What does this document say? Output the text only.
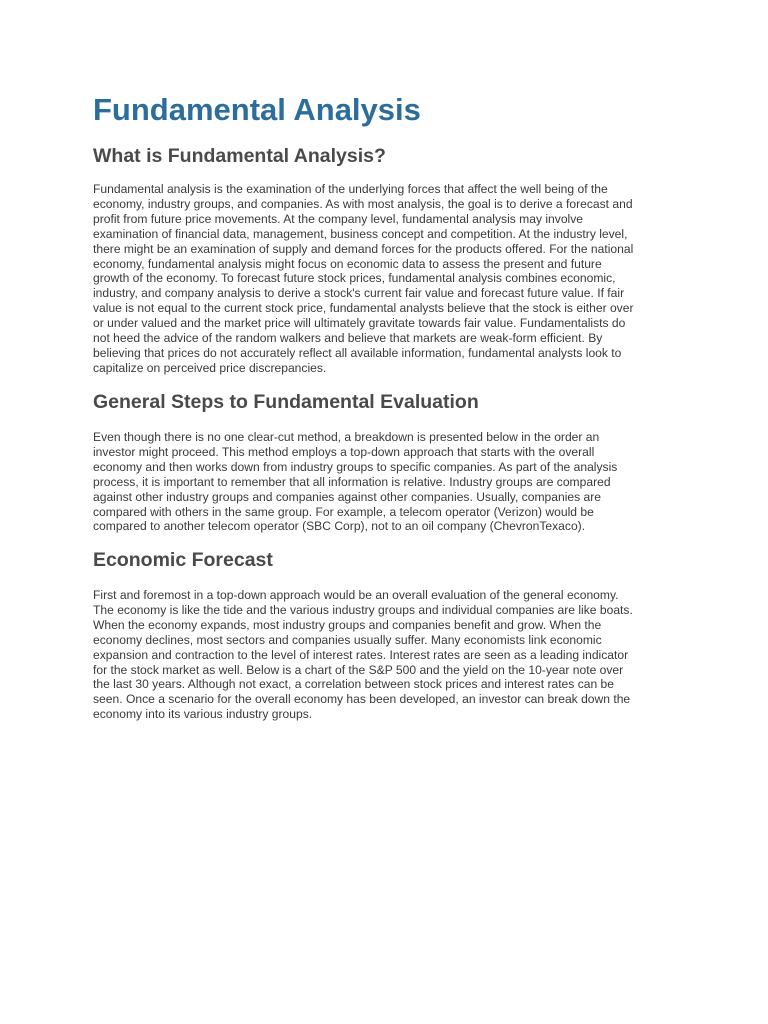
Fundamental Analysis
What is Fundamental Analysis?
Fundamental analysis is the examination of the underlying forces that affect the well being of the
economy, industry groups, and companies. As with most analysis, the goal is to derive a forecast and
profit from future price movements. At the company level, fundamental analysis may involve
examination of financial data, management, business concept and competition. At the industry level,
there might be an examination of supply and demand forces for the products offered. For the national
economy, fundamental analysis might focus on economic data to assess the present and future
growth of the economy. To forecast future stock prices, fundamental analysis combines economic,
industry, and company analysis to derive a stock's current fair value and forecast future value. If fair
value is not equal to the current stock price, fundamental analysts believe that the stock is either over
or under valued and the market price will ultimately gravitate towards fair value. Fundamentalists do
not heed the advice of the random walkers and believe that markets are weak-form efficient. By
believing that prices do not accurately reflect all available information, fundamental analysts look to
capitalize on perceived price discrepancies.
General Steps to Fundamental Evaluation
Even though there is no one clear-cut method, a breakdown is presented below in the order an
investor might proceed. This method employs a top-down approach that starts with the overall
economy and then works down from industry groups to specific companies. As part of the analysis
process, it is important to remember that all information is relative. Industry groups are compared
against other industry groups and companies against other companies. Usually, companies are
compared with others in the same group. For example, a telecom operator (Verizon) would be
compared to another telecom operator (SBC Corp), not to an oil company (ChevronTexaco).
Economic Forecast
First and foremost in a top-down approach would be an overall evaluation of the general economy.
The economy is like the tide and the various industry groups and individual companies are like boats.
When the economy expands, most industry groups and companies benefit and grow. When the
economy declines, most sectors and companies usually suffer. Many economists link economic
expansion and contraction to the level of interest rates. Interest rates are seen as a leading indicator
for the stock market as well. Below is a chart of the S&P 500 and the yield on the 10-year note over
the last 30 years. Although not exact, a correlation between stock prices and interest rates can be
seen. Once a scenario for the overall economy has been developed, an investor can break down the
economy into its various industry groups.
